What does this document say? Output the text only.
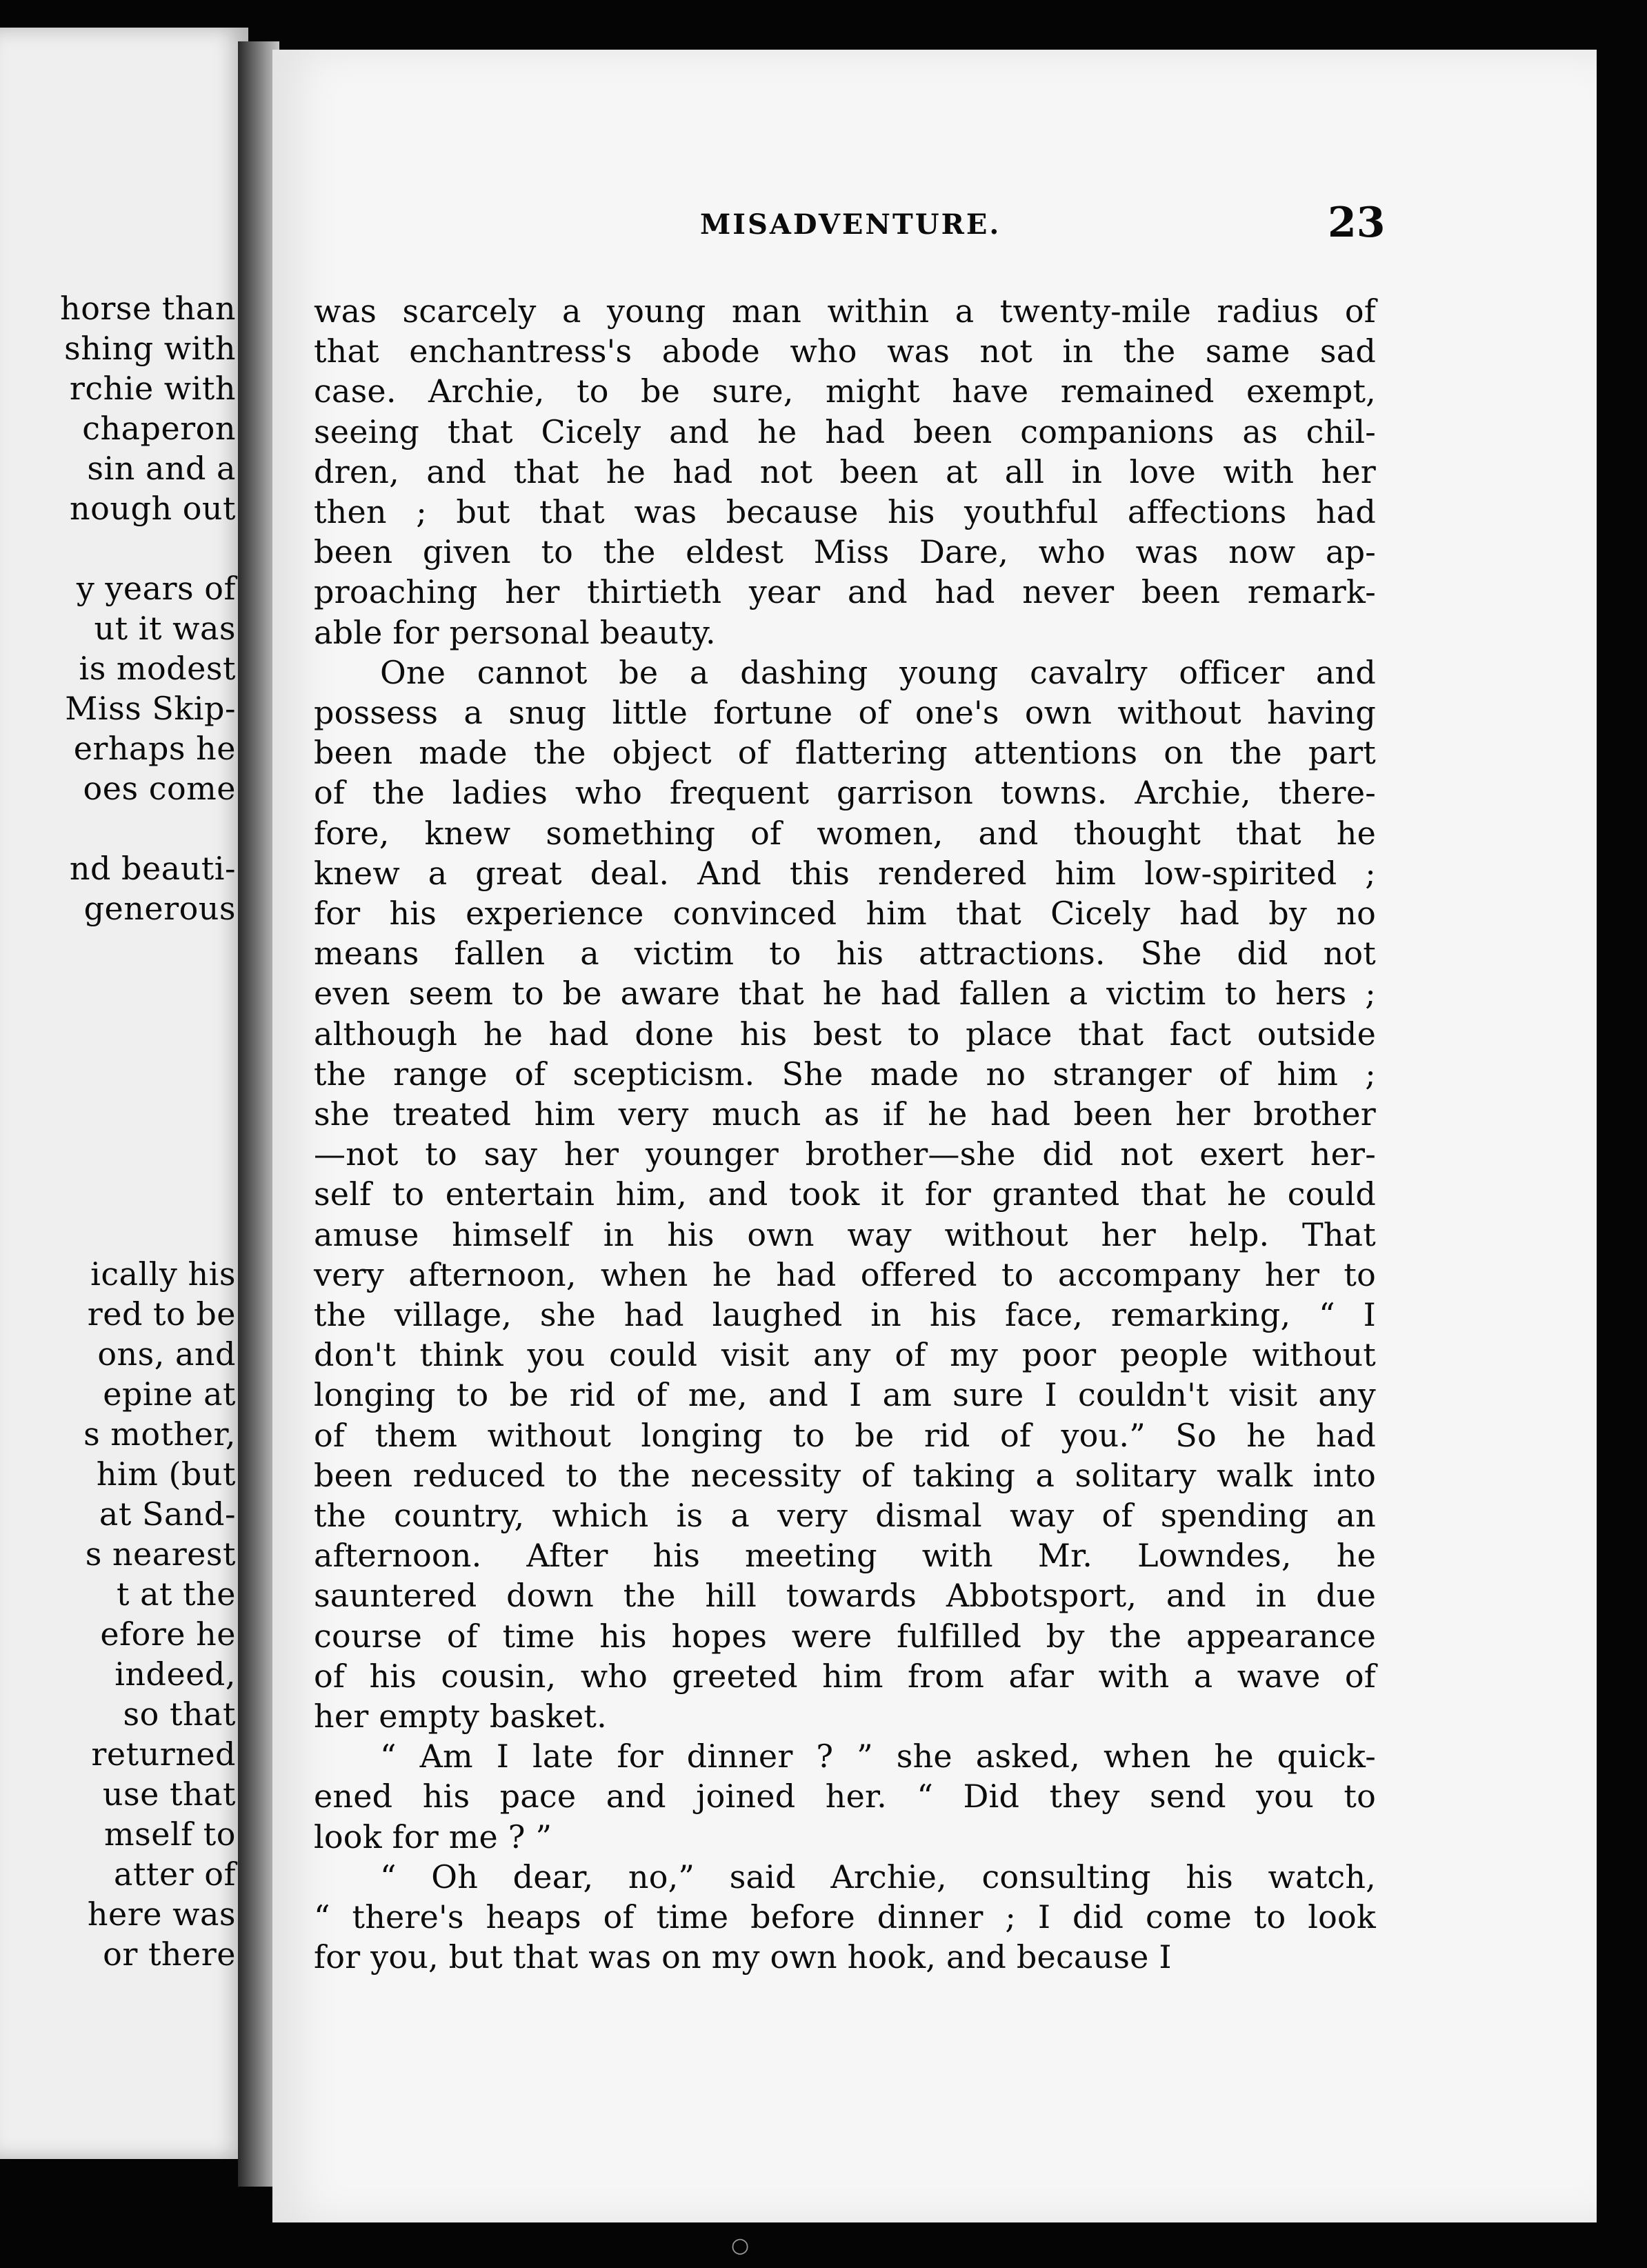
horse than
shing with
rchie with
chaperon
sin and a
nough out
y years of
ut it was
is modest
Miss Skip-
erhaps he
oes come
nd beauti-
generous
ically his
red to be
ons, and
epine at
s mother,
him (but
at Sand-
s nearest
t at the
efore he
indeed,
so that
returned
use that
mself to
atter of
here was
or there
MISADVENTURE.	23
was scarcely a young man within a twenty-mile radius of
that enchantress's abode who was not in the same sad
case. Archie, to be sure, might have remained exempt,
seeing that Cicely and he had been companions as chil-
dren, and that he had not been at all in love with her
then ; but that was because his youthful affections had
been given to the eldest Miss Dare, who was now ap-
proaching her thirtieth year and had never been remark-
able for personal beauty.
One cannot be a dashing young cavalry officer and
possess a snug little fortune of one's own without having
been made the object of flattering attentions on the part
of the ladies who frequent garrison towns. Archie, there-
fore, knew something of women, and thought that he
knew a great deal. And this rendered him low-spirited ;
for his experience convinced him that Cicely had by no
means fallen a victim to his attractions. She did not
even seem to be aware that he had fallen a victim to hers ;
although he had done his best to place that fact outside
the range of scepticism. She made no stranger of him ;
she treated him very much as if he had been her brother
—not to say her younger brother—she did not exert her-
self to entertain him, and took it for granted that he could
amuse himself in his own way without her help. That
very afternoon, when he had offered to accompany her to
the village, she had laughed in his face, remarking, “ I
don't think you could visit any of my poor people without
longing to be rid of me, and I am sure I couldn't visit any
of them without longing to be rid of you.” So he had
been reduced to the necessity of taking a solitary walk into
the country, which is a very dismal way of spending an
afternoon. After his meeting with Mr. Lowndes, he
sauntered down the hill towards Abbotsport, and in due
course of time his hopes were fulfilled by the appearance
of his cousin, who greeted him from afar with a wave of
her empty basket.
“ Am I late for dinner ? ” she asked, when he quick-
ened his pace and joined her. “ Did they send you to
look for me ? ”
“ Oh dear, no,” said Archie, consulting his watch,
“ there's heaps of time before dinner ; I did come to look
for you, but that was on my own hook, and because I
○
